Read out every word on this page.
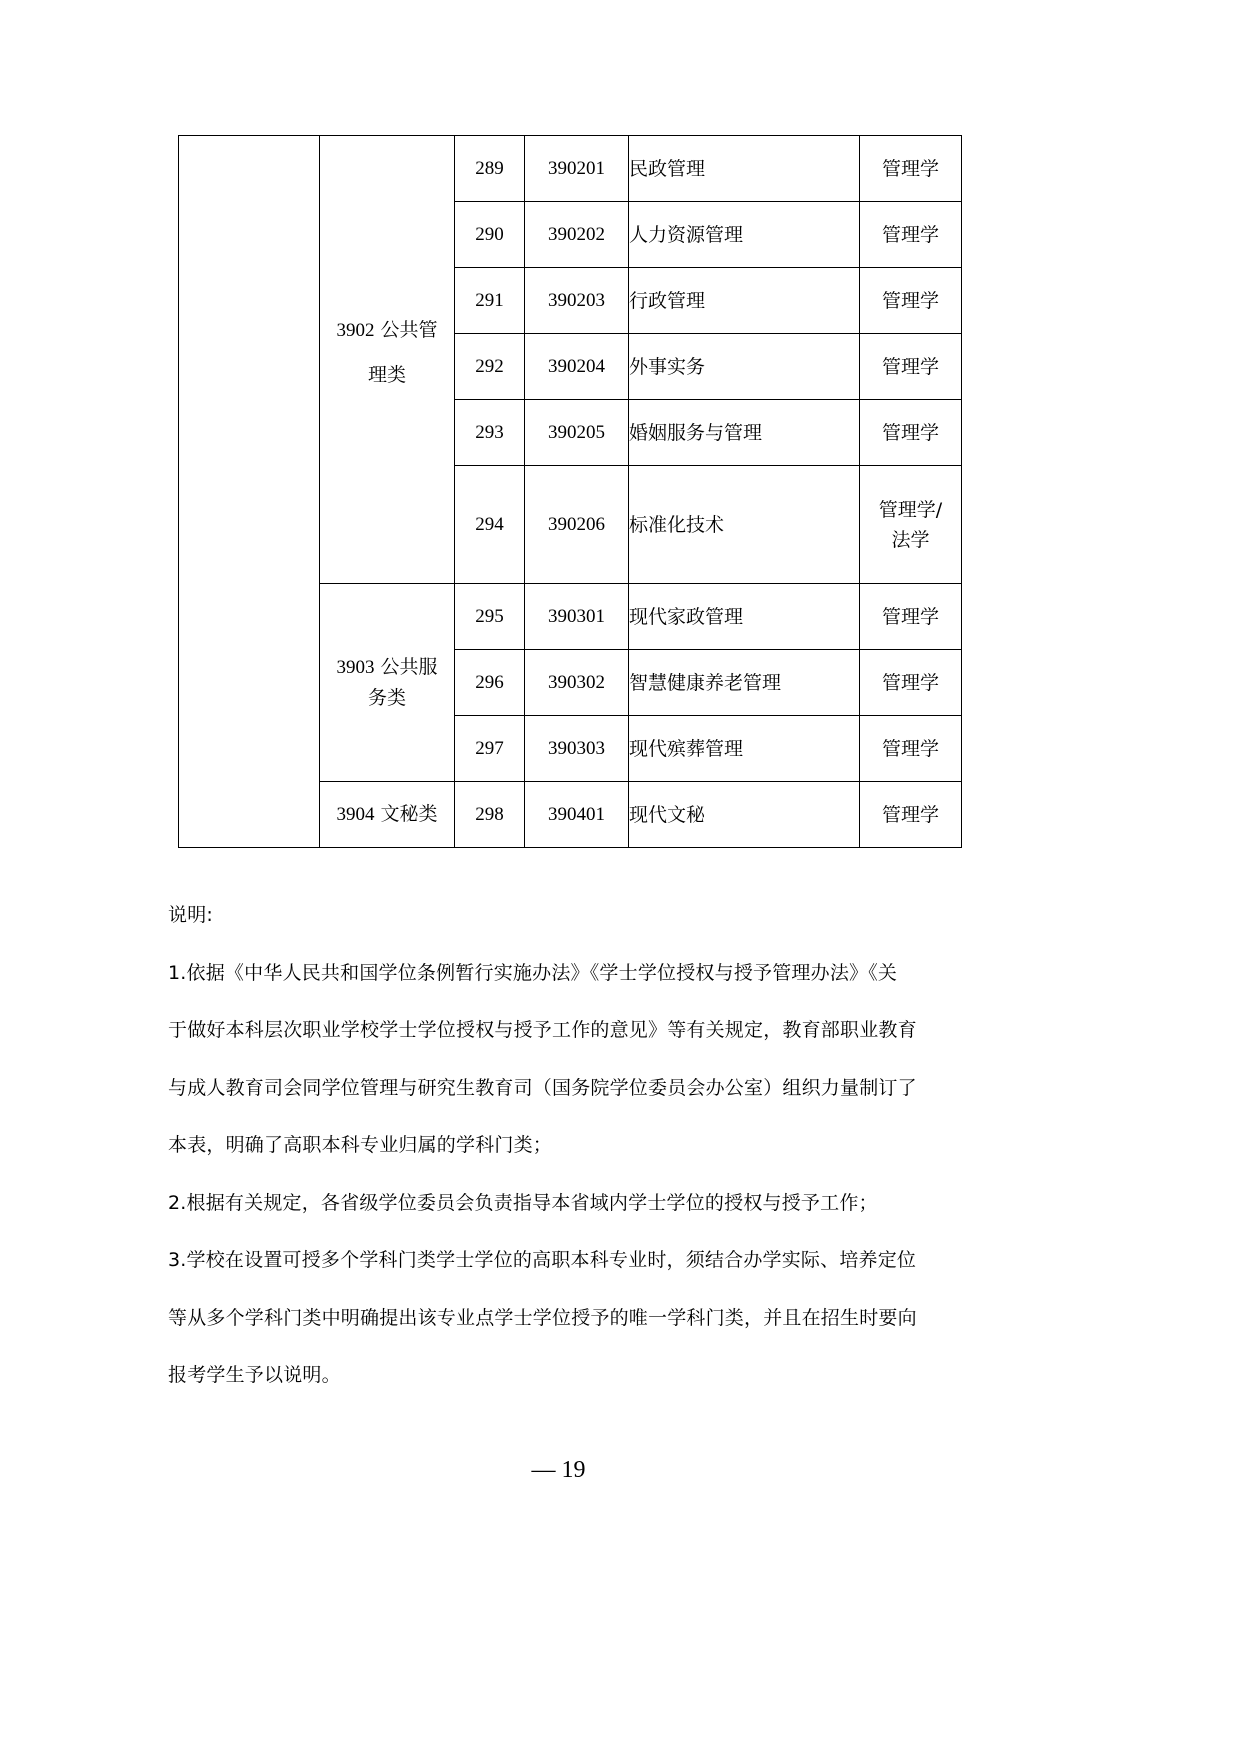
	3902 公共管
理类	289	390201	民政管理	管理学
		290	390202	人力资源管理	管理学
		291	390203	行政管理	管理学
		292	390204	外事实务	管理学
		293	390205	婚姻服务与管理	管理学
		294	390206	标准化技术	管理学/
法学
	3903 公共服
务类	295	390301	现代家政管理	管理学
		296	390302	智慧健康养老管理	管理学
		297	390303	现代殡葬管理	管理学
	3904 文秘类	298	390401	现代文秘	管理学

说明:

1.依据《中华人民共和国学位条例暂行实施办法》《学士学位授权与授予管理办法》《关

于做好本科层次职业学校学士学位授权与授予工作的意见》等有关规定，教育部职业教育

与成人教育司会同学位管理与研究生教育司（国务院学位委员会办公室）组织力量制订了

本表，明确了高职本科专业归属的学科门类；

2.根据有关规定，各省级学位委员会负责指导本省域内学士学位的授权与授予工作；

3.学校在设置可授多个学科门类学士学位的高职本科专业时，须结合办学实际、培养定位

等从多个学科门类中明确提出该专业点学士学位授予的唯一学科门类，并且在招生时要向

报考学生予以说明。

— 19
